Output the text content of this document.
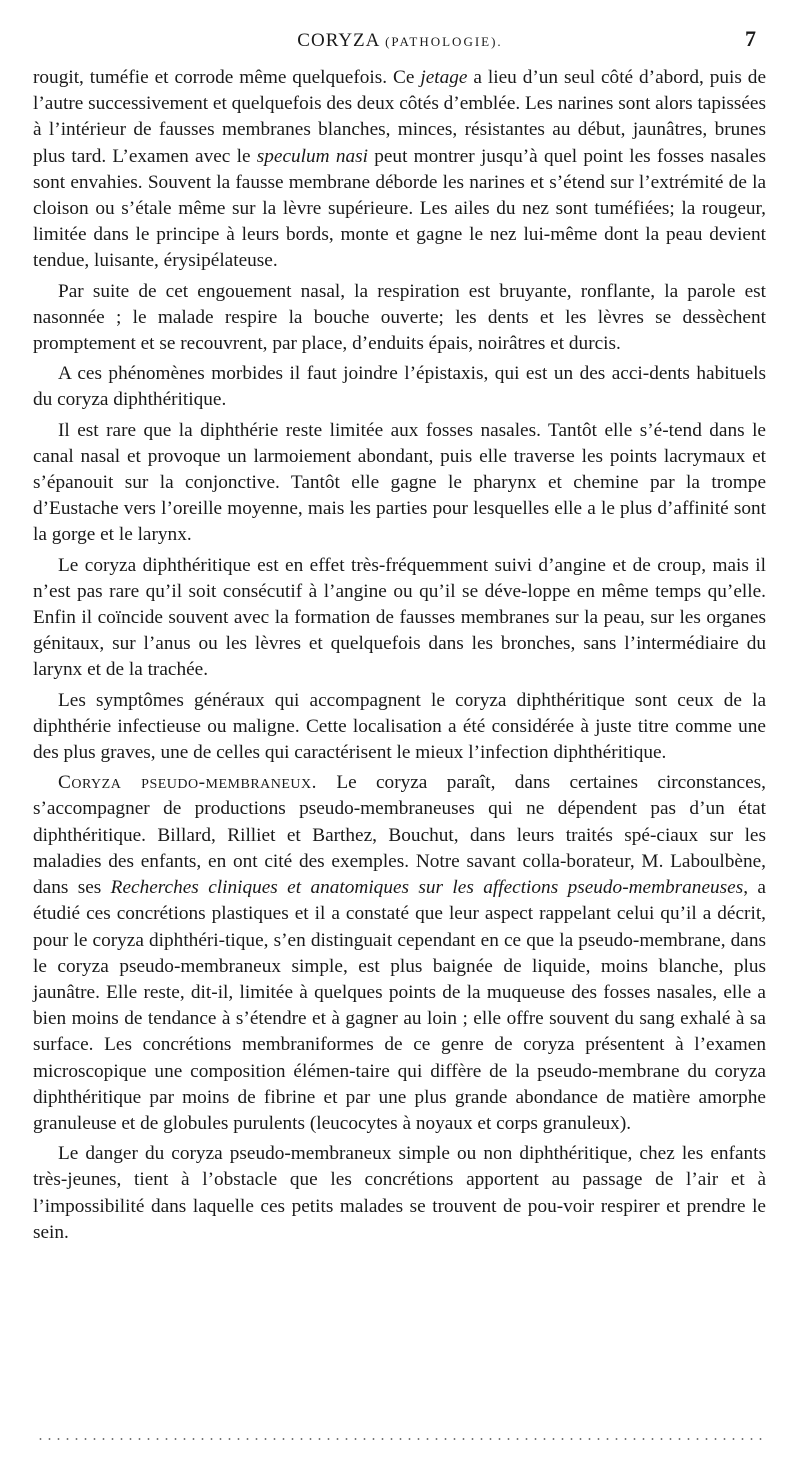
CORYZA (PATHOLOGIE).	7

rougit, tuméfie et corrode même quelquefois. Ce jetage a lieu d’un seul côté d’abord, puis de l’autre successivement et quelquefois des deux côtés d’emblée. Les narines sont alors tapissées à l’intérieur de fausses membranes blanches, minces, résistantes au début, jaunâtres, brunes plus tard. L’examen avec le speculum nasi peut montrer jusqu’à quel point les fosses nasales sont envahies. Souvent la fausse membrane déborde les narines et s’étend sur l’extrémité de la cloison ou s’étale même sur la lèvre supérieure. Les ailes du nez sont tuméfiées; la rougeur, limitée dans le principe à leurs bords, monte et gagne le nez lui-même dont la peau devient tendue, luisante, érysipélateuse.

Par suite de cet engouement nasal, la respiration est bruyante, ronflante, la parole est nasonnée ; le malade respire la bouche ouverte; les dents et les lèvres se dessèchent promptement et se recouvrent, par place, d’enduits épais, noirâtres et durcis.

A ces phénomènes morbides il faut joindre l’épistaxis, qui est un des acci-dents habituels du coryza diphthéritique.

Il est rare que la diphthérie reste limitée aux fosses nasales. Tantôt elle s’é-tend dans le canal nasal et provoque un larmoiement abondant, puis elle traverse les points lacrymaux et s’épanouit sur la conjonctive. Tantôt elle gagne le pharynx et chemine par la trompe d’Eustache vers l’oreille moyenne, mais les parties pour lesquelles elle a le plus d’affinité sont la gorge et le larynx.

Le coryza diphthéritique est en effet très-fréquemment suivi d’angine et de croup, mais il n’est pas rare qu’il soit consécutif à l’angine ou qu’il se déve-loppe en même temps qu’elle. Enfin il coïncide souvent avec la formation de fausses membranes sur la peau, sur les organes génitaux, sur l’anus ou les lèvres et quelquefois dans les bronches, sans l’intermédiaire du larynx et de la trachée.

Les symptômes généraux qui accompagnent le coryza diphthéritique sont ceux de la diphthérie infectieuse ou maligne. Cette localisation a été considérée à juste titre comme une des plus graves, une de celles qui caractérisent le mieux l’infection diphthéritique.

Coryza pseudo-membraneux. Le coryza paraît, dans certaines circonstances, s’accompagner de productions pseudo-membraneuses qui ne dépendent pas d’un état diphthéritique. Billard, Rilliet et Barthez, Bouchut, dans leurs traités spé-ciaux sur les maladies des enfants, en ont cité des exemples. Notre savant colla-borateur, M. Laboulbène, dans ses Recherches cliniques et anatomiques sur les affections pseudo-membraneuses, a étudié ces concrétions plastiques et il a constaté que leur aspect rappelant celui qu’il a décrit, pour le coryza diphthéri-tique, s’en distinguait cependant en ce que la pseudo-membrane, dans le coryza pseudo-membraneux simple, est plus baignée de liquide, moins blanche, plus jaunâtre. Elle reste, dit-il, limitée à quelques points de la muqueuse des fosses nasales, elle a bien moins de tendance à s’étendre et à gagner au loin ; elle offre souvent du sang exhalé à sa surface. Les concrétions membraniformes de ce genre de coryza présentent à l’examen microscopique une composition élémen-taire qui diffère de la pseudo-membrane du coryza diphthéritique par moins de fibrine et par une plus grande abondance de matière amorphe granuleuse et de globules purulents (leucocytes à noyaux et corps granuleux).

Le danger du coryza pseudo-membraneux simple ou non diphthéritique, chez les enfants très-jeunes, tient à l’obstacle que les concrétions apportent au passage de l’air et à l’impossibilité dans laquelle ces petits malades se trouvent de pou-voir respirer et prendre le sein.
